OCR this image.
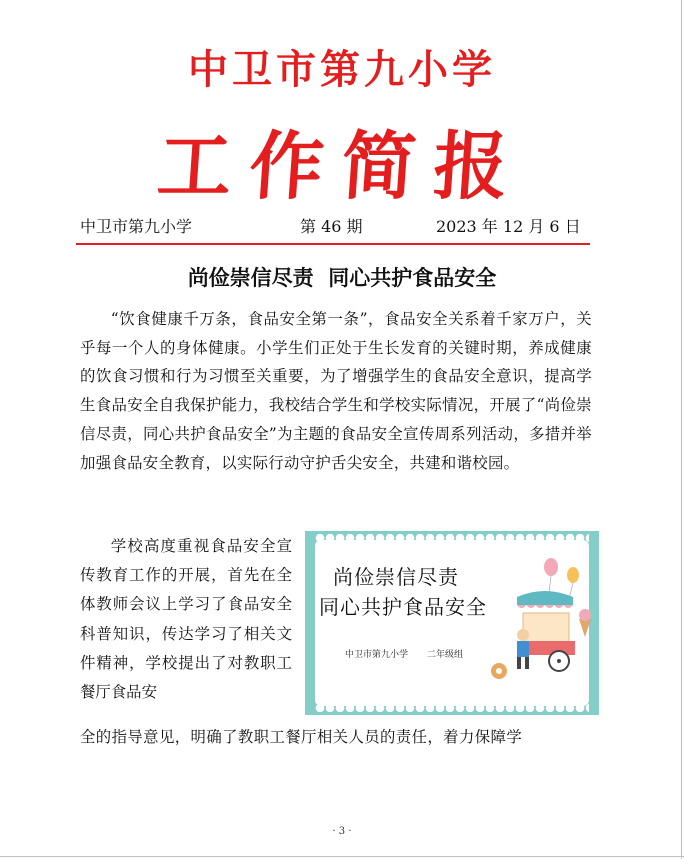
中卫市第九小学
工作简报
中卫市第九小学	第 46 期	2023 年 12 月 6 日
尚俭崇信尽责  同心共护食品安全

“饮食健康千万条，食品安全第一条”，食品安全关系着千家万户，关乎每一个人的身体健康。小学生们正处于生长发育的关键时期，养成健康的饮食习惯和行为习惯至关重要，为了增强学生的食品安全意识，提高学生食品安全自我保护能力，我校结合学生和学校实际情况，开展了“尚俭崇信尽责，同心共护食品安全”为主题的食品安全宣传周系列活动，多措并举加强食品安全教育，以实际行动守护舌尖安全，共建和谐校园。

学校高度重视食品安全宣传教育工作的开展，首先在全体教师会议上学习了食品安全科普知识，传达学习了相关文件精神，学校提出了对教职工餐厅食品安

尚俭崇信尽责
同心共护食品安全
中卫市第九小学 二年级组

全的指导意见，明确了教职工餐厅相关人员的责任，着力保障学

· 3 ·
